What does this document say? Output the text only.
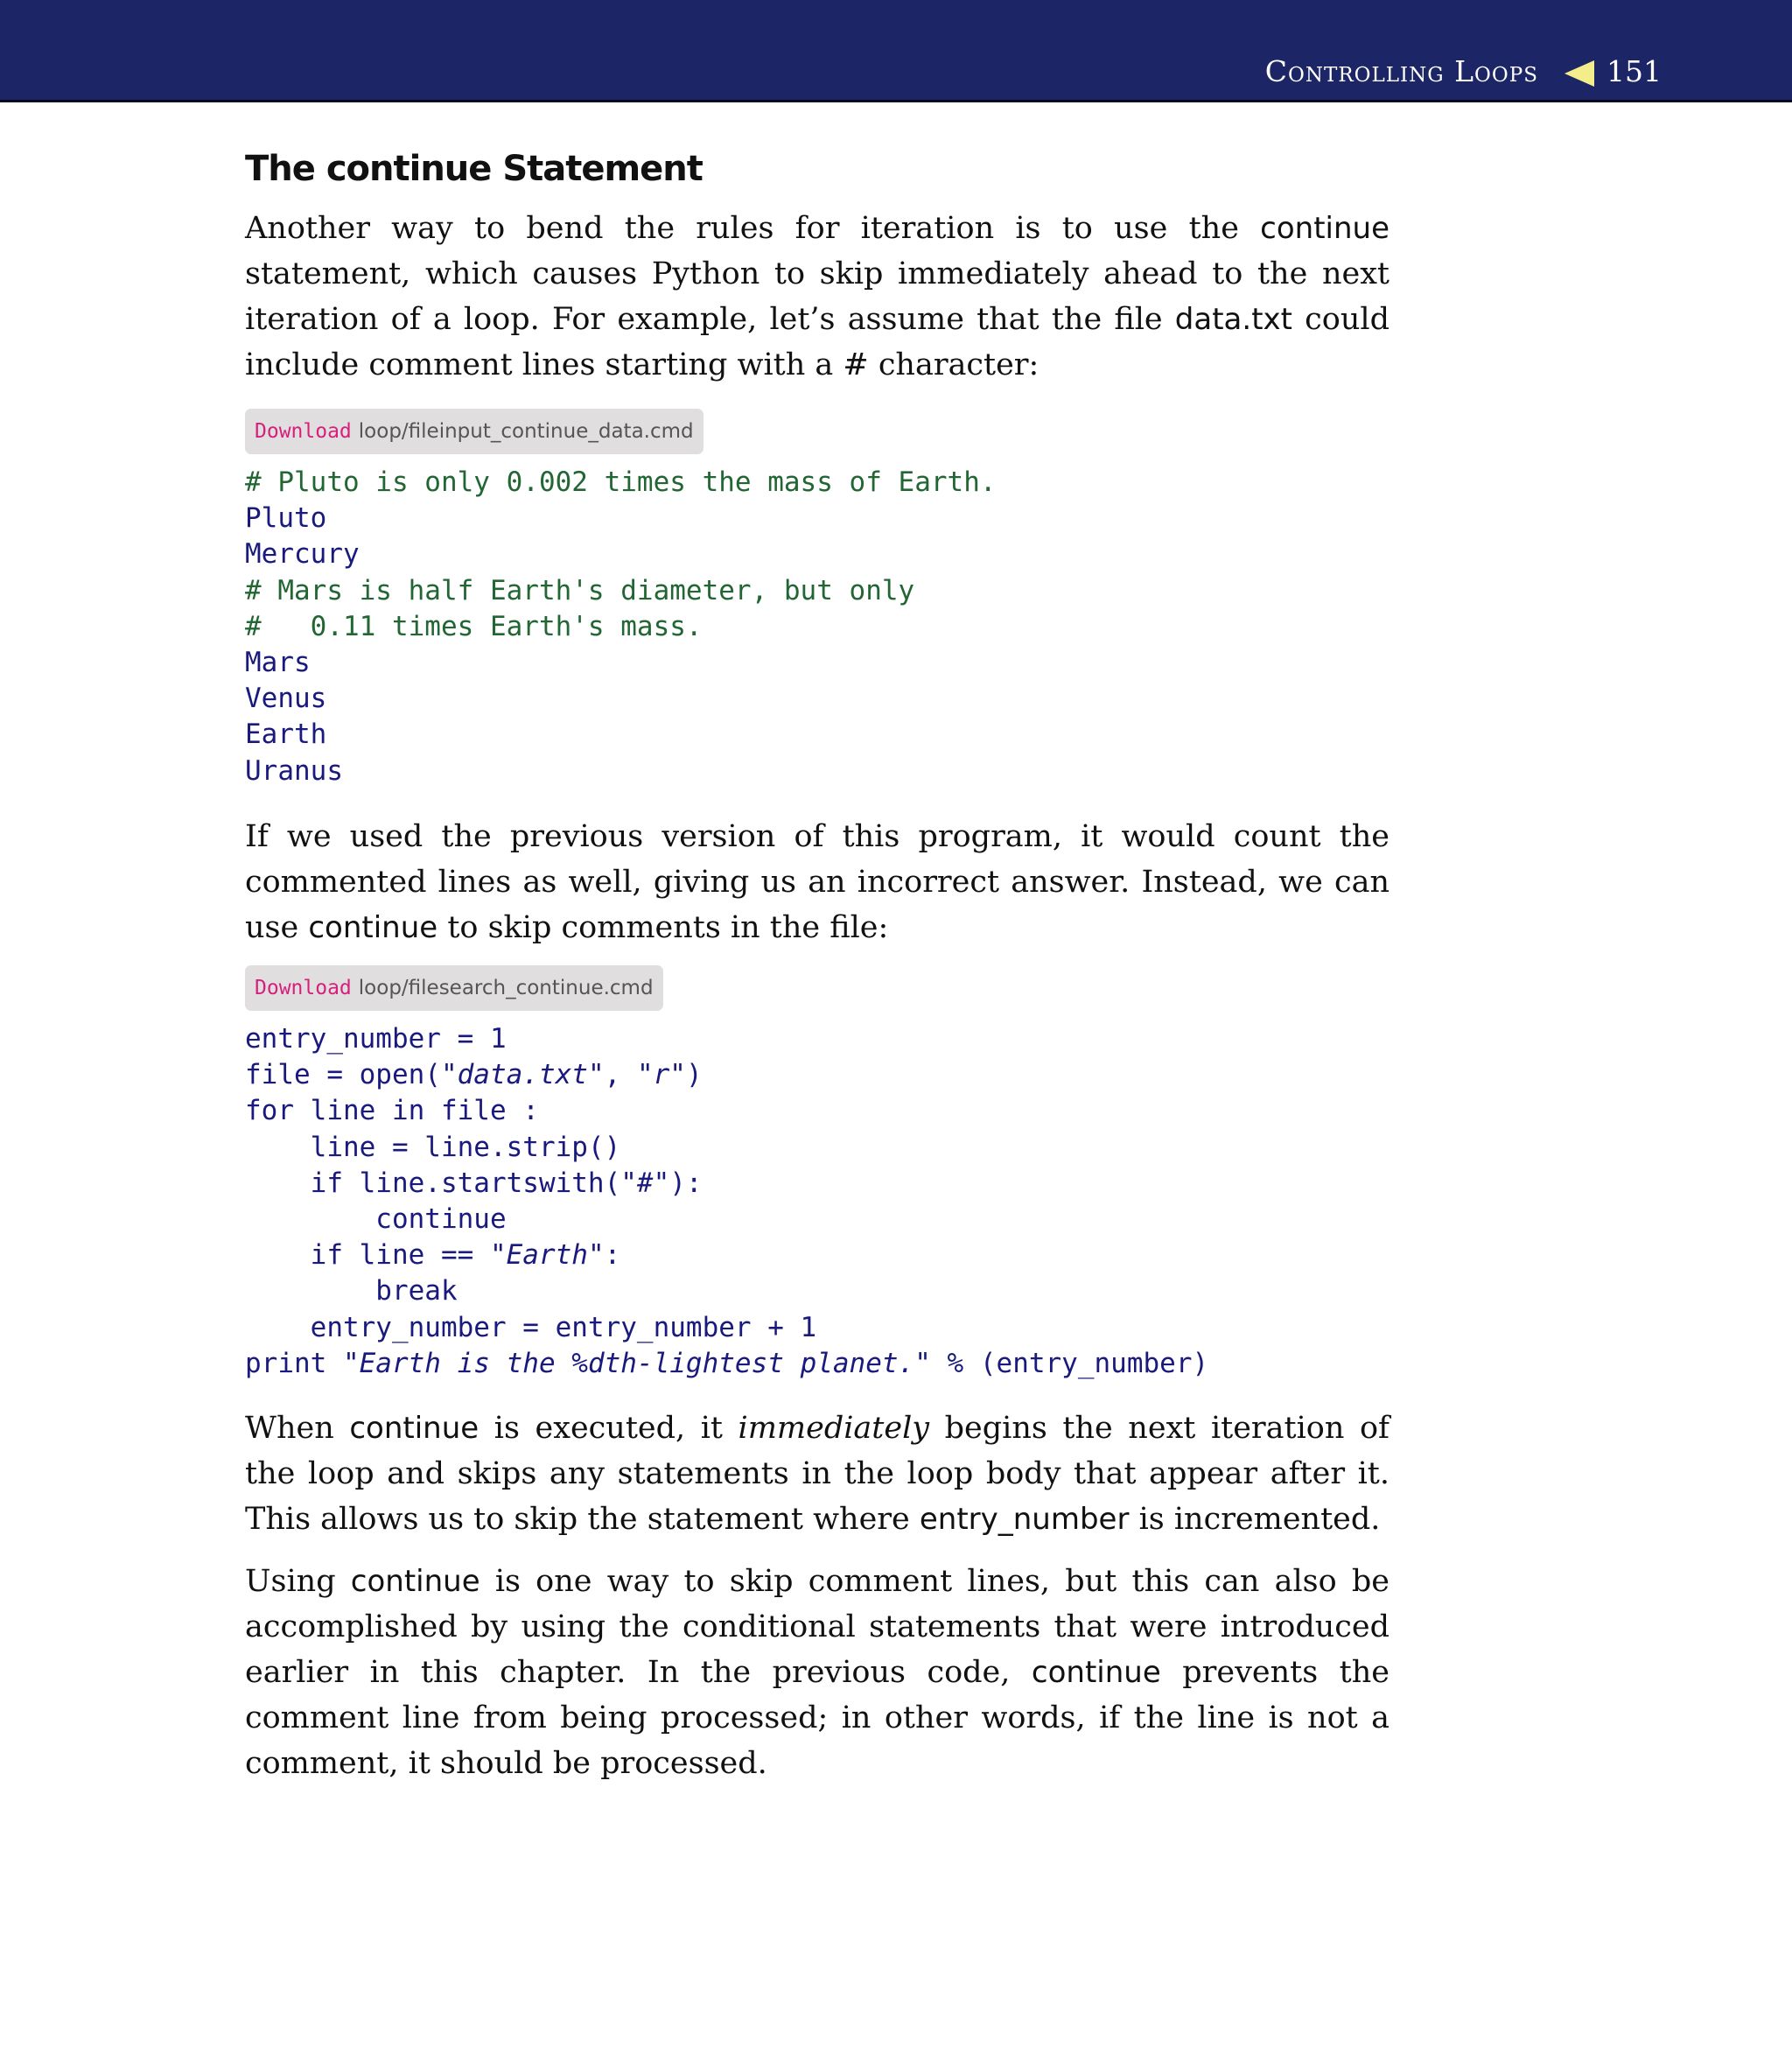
Controlling Loops 151
The continue Statement

Another way to bend the rules for iteration is to use the continue statement, which causes Python to skip immediately ahead to the next iteration of a loop. For example, let’s assume that the file data.txt could include comment lines starting with a # character:

Download loop/fileinput_continue_data.cmd
# Pluto is only 0.002 times the mass of Earth.
Pluto
Mercury
# Mars is half Earth's diameter, but only
#   0.11 times Earth's mass.
Mars
Venus
Earth
Uranus

If we used the previous version of this program, it would count the commented lines as well, giving us an incorrect answer. Instead, we can use continue to skip comments in the file:

Download loop/filesearch_continue.cmd
entry_number = 1
file = open("data.txt", "r")
for line in file :
line = line.strip()
if line.startswith("#"):
continue
if line == "Earth":
break
entry_number = entry_number + 1
print "Earth is the %dth-lightest planet." % (entry_number)

When continue is executed, it immediately begins the next iteration of the loop and skips any statements in the loop body that appear after it. This allows us to skip the statement where entry_number is incremented.

Using continue is one way to skip comment lines, but this can also be accomplished by using the conditional statements that were introduced earlier in this chapter. In the previous code, continue prevents the comment line from being processed; in other words, if the line is not a comment, it should be processed.
